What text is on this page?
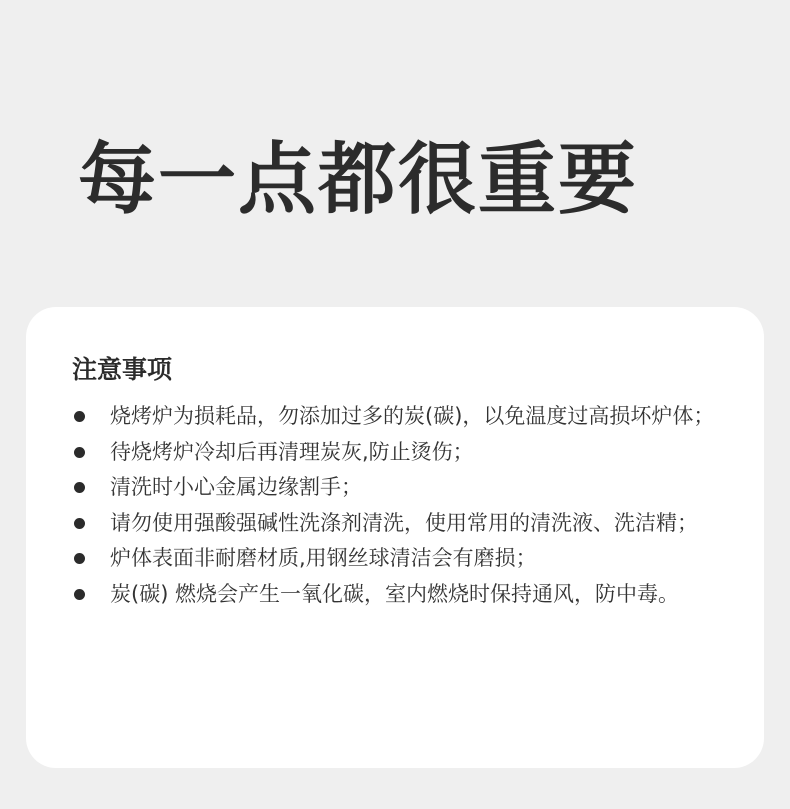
每一点都很重要
注意事项
烧烤炉为损耗品，勿添加过多的炭(碳)，以免温度过高损坏炉体；
待烧烤炉冷却后再清理炭灰,防止烫伤；
清洗时小心金属边缘割手；
请勿使用强酸强碱性洗涤剂清洗，使用常用的清洗液、洗洁精；
炉体表面非耐磨材质,用钢丝球清洁会有磨损；
炭(碳) 燃烧会产生一氧化碳，室内燃烧时保持通风，防中毒。
